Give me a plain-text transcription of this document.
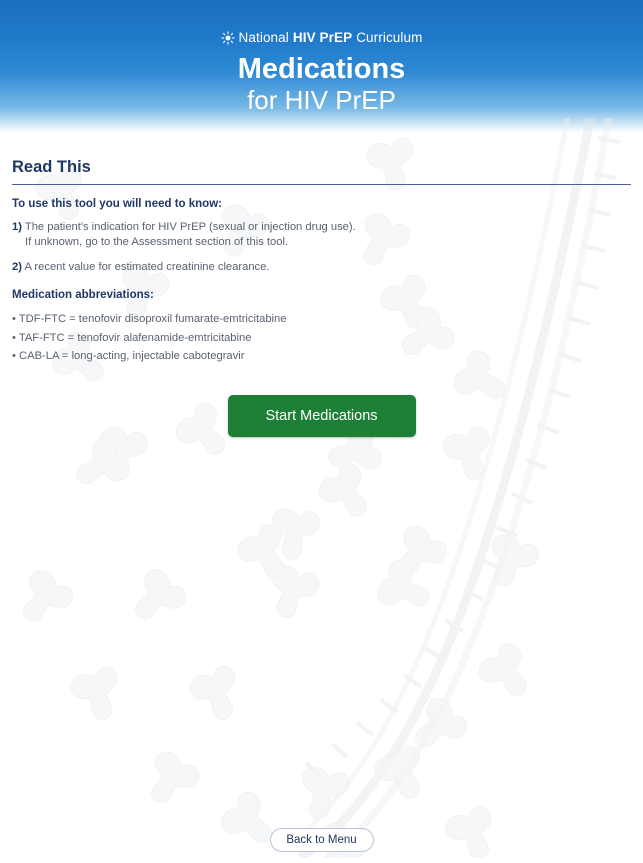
National HIV PrEP Curriculum
Medications
for HIV PrEP
Read This
To use this tool you will need to know:
1) The patient's indication for HIV PrEP (sexual or injection drug use).
If unknown, go to the Assessment section of this tool.
2) A recent value for estimated creatinine clearance.
Medication abbreviations:
• TDF-FTC = tenofovir disoproxil fumarate-emtricitabine
• TAF-FTC = tenofovir alafenamide-emtricitabine
• CAB-LA = long-acting, injectable cabotegravir
Start Medications
Back to Menu
